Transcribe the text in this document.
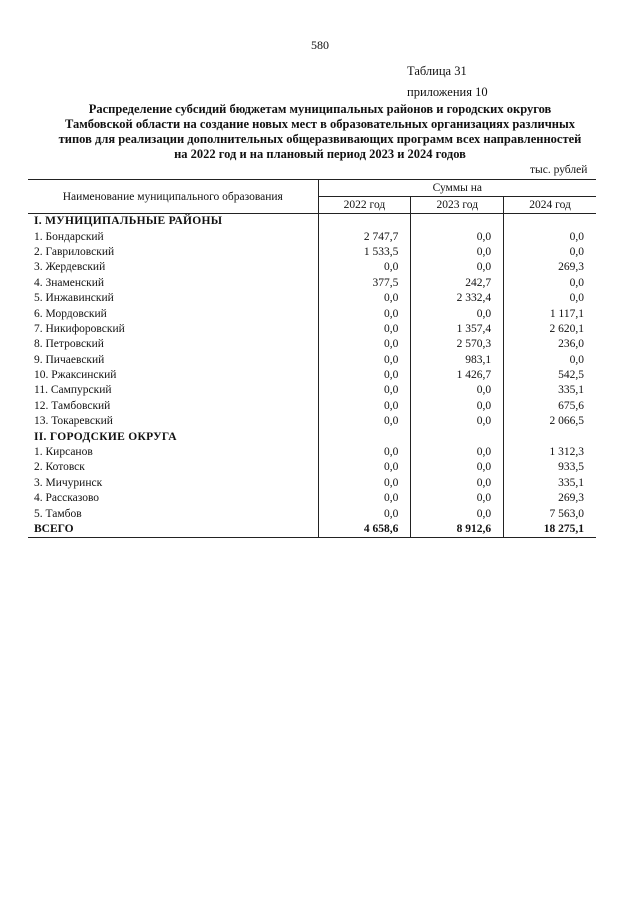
580
Таблица 31
приложения 10
Распределение субсидий бюджетам муниципальных районов и городских округов
Тамбовской области на создание новых мест в образовательных организациях различных
типов для реализации дополнительных общеразвивающих программ всех направленностей
на 2022 год и на плановый период 2023 и 2024 годов
тыс. рублей
Наименование муниципального образования	Суммы на		
	2022 год	2023 год	2024 год
I. МУНИЦИПАЛЬНЫЕ РАЙОНЫ			
1. Бондарский	2 747,7	0,0	0,0
2. Гавриловский	1 533,5	0,0	0,0
3. Жердевский	0,0	0,0	269,3
4. Знаменский	377,5	242,7	0,0
5. Инжавинский	0,0	2 332,4	0,0
6. Мордовский	0,0	0,0	1 117,1
7. Никифоровский	0,0	1 357,4	2 620,1
8. Петровский	0,0	2 570,3	236,0
9. Пичаевский	0,0	983,1	0,0
10. Ржаксинский	0,0	1 426,7	542,5
11. Сампурский	0,0	0,0	335,1
12. Тамбовский	0,0	0,0	675,6
13. Токаревский	0,0	0,0	2 066,5
II. ГОРОДСКИЕ ОКРУГА			
1. Кирсанов	0,0	0,0	1 312,3
2. Котовск	0,0	0,0	933,5
3. Мичуринск	0,0	0,0	335,1
4. Рассказово	0,0	0,0	269,3
5. Тамбов	0,0	0,0	7 563,0
ВСЕГО	4 658,6	8 912,6	18 275,1
